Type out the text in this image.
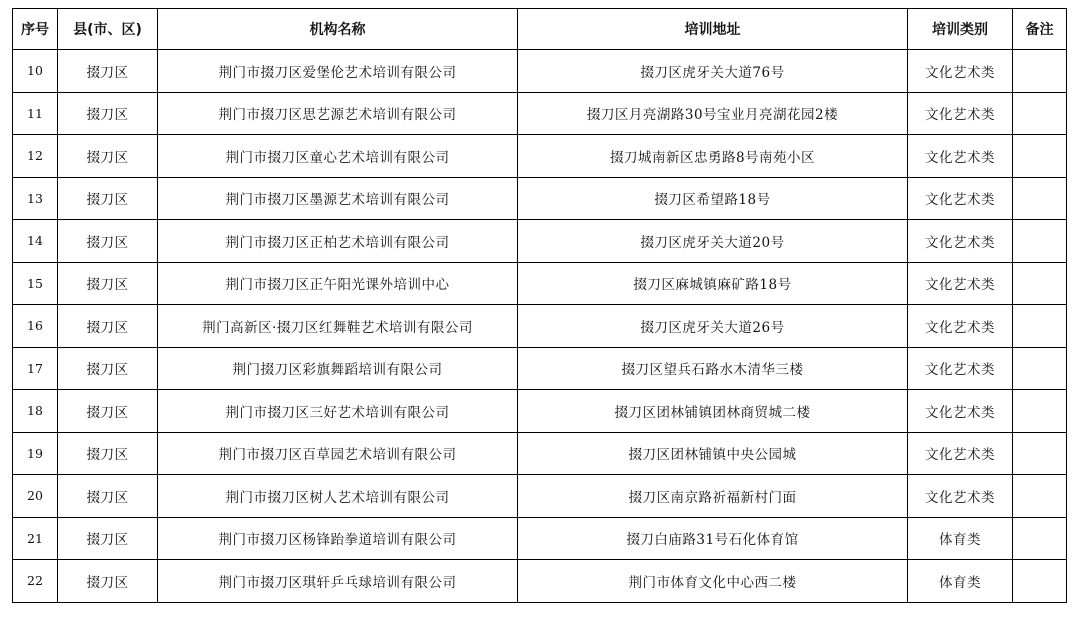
序号	县(市、区)	机构名称	培训地址	培训类别	备注
10	掇刀区	荆门市掇刀区爱堡伦艺术培训有限公司	掇刀区虎牙关大道76号	文化艺术类	
11	掇刀区	荆门市掇刀区思艺源艺术培训有限公司	掇刀区月亮湖路30号宝业月亮湖花园2楼	文化艺术类	
12	掇刀区	荆门市掇刀区童心艺术培训有限公司	掇刀城南新区忠勇路8号南苑小区	文化艺术类	
13	掇刀区	荆门市掇刀区墨源艺术培训有限公司	掇刀区希望路18号	文化艺术类	
14	掇刀区	荆门市掇刀区正柏艺术培训有限公司	掇刀区虎牙关大道20号	文化艺术类	
15	掇刀区	荆门市掇刀区正午阳光课外培训中心	掇刀区麻城镇麻矿路18号	文化艺术类	
16	掇刀区	荆门高新区·掇刀区红舞鞋艺术培训有限公司	掇刀区虎牙关大道26号	文化艺术类	
17	掇刀区	荆门掇刀区彩旗舞蹈培训有限公司	掇刀区望兵石路水木清华三楼	文化艺术类	
18	掇刀区	荆门市掇刀区三好艺术培训有限公司	掇刀区团林铺镇团林商贸城二楼	文化艺术类	
19	掇刀区	荆门市掇刀区百草园艺术培训有限公司	掇刀区团林铺镇中央公园城	文化艺术类	
20	掇刀区	荆门市掇刀区树人艺术培训有限公司	掇刀区南京路祈福新村门面	文化艺术类	
21	掇刀区	荆门市掇刀区杨锋跆拳道培训有限公司	掇刀白庙路31号石化体育馆	体育类	
22	掇刀区	荆门市掇刀区琪轩乒乓球培训有限公司	荆门市体育文化中心西二楼	体育类	
